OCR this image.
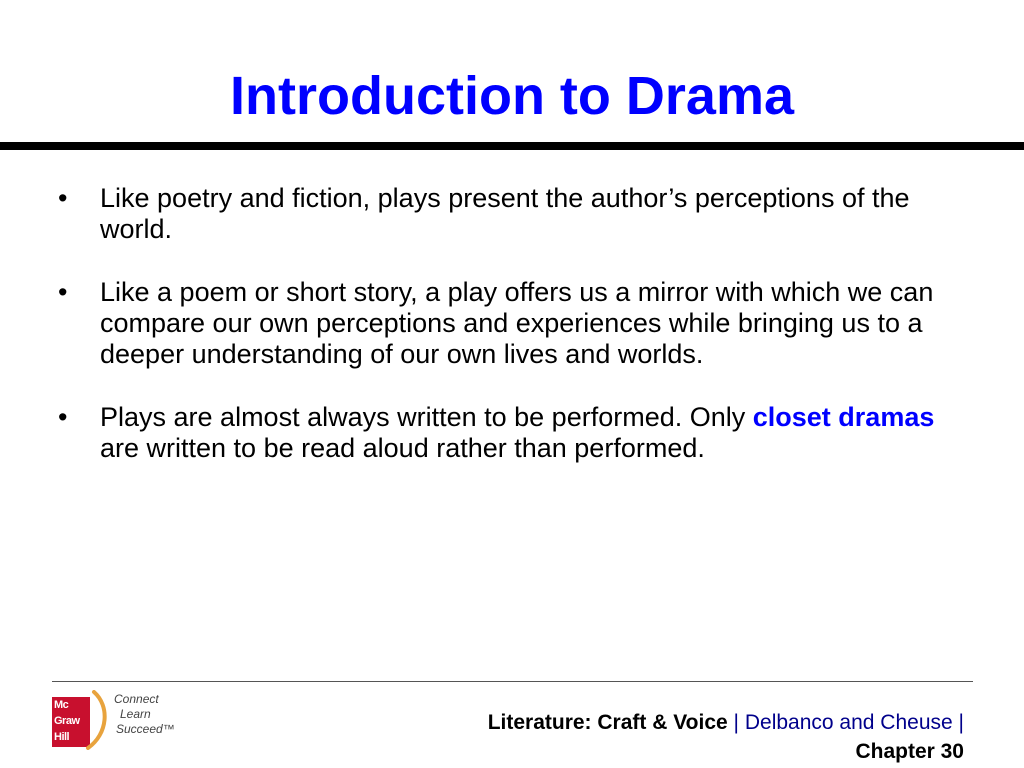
Introduction to Drama
•	Like poetry and fiction, plays present the author’s perceptions of the world.
•	Like a poem or short story, a play offers us a mirror with which we can compare our own perceptions and experiences while bringing us to a deeper understanding of our own lives and worlds.
•	Plays are almost always written to be performed. Only closet dramas are written to be read aloud rather than performed.
Mc
Graw
Hill
Connect
Learn
Succeed™	Literature: Craft & Voice | Delbanco and Cheuse |
Chapter 30
